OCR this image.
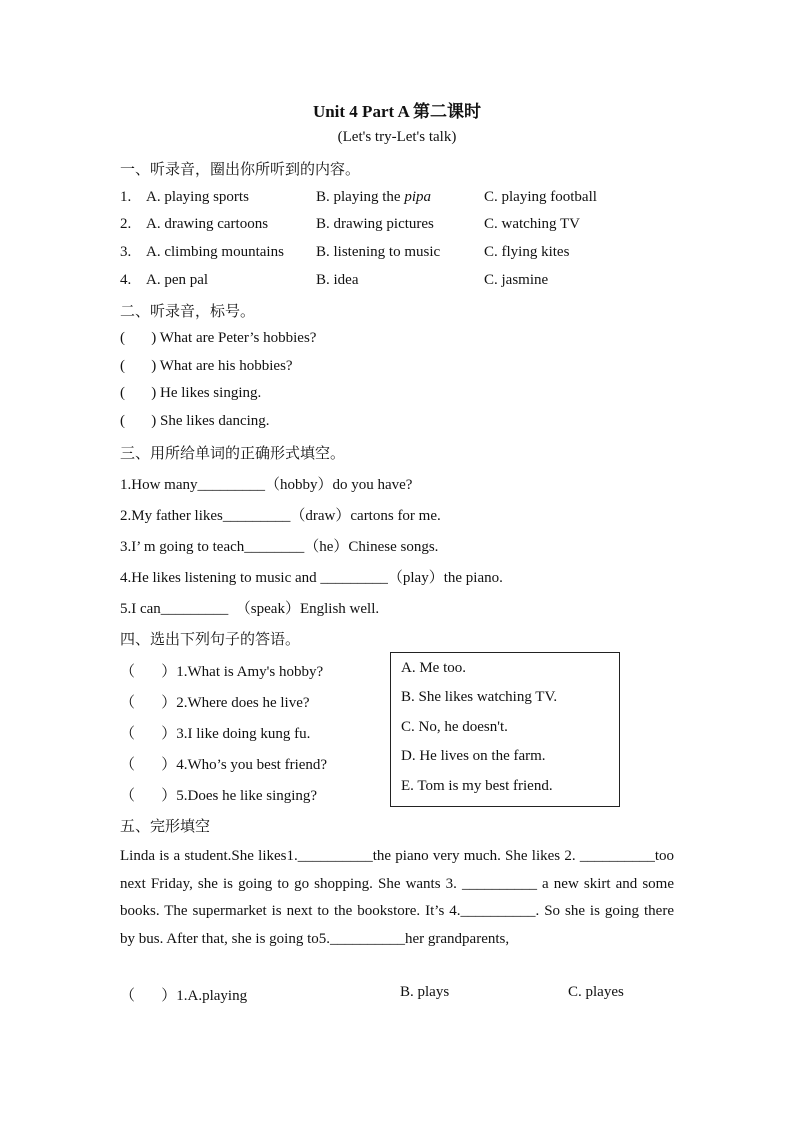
Unit 4 Part A 第二课时
(Let's try-Let's talk)
一、听录音，圈出你所听到的内容。
1. A. playing sports	B. playing the pipa	C. playing football
2. A. drawing cartoons	B. drawing pictures	C. watching TV
3. A. climbing mountains B. listening to music	C. flying kites
4. A. pen pal	B. idea	C. jasmine
二、听录音，标号。
(       ) What are Peter’s hobbies?
(       ) What are his hobbies?
(       ) He likes singing.
(       ) She likes dancing.
三、用所给单词的正确形式填空。
1.How many_________（hobby）do you have?
2.My father likes_________（draw）cartons for me.
3.I’ m going to teach________（he）Chinese songs.
4.He likes listening to music and _________（play）the piano.
5.I can_________  （speak）English well.
四、选出下列句子的答语。
（       ）1.What is Amy's hobby?
（       ）2.Where does he live?
（       ）3.I like doing kung fu.
（       ）4.Who’s you best friend?
（       ）5.Does he like singing?
A. Me too.
B. She likes watching TV.
C. No, he doesn't.
D. He lives on the farm.
E. Tom is my best friend.
五、完形填空
Linda is a student.She likes1.__________the piano very much. She likes 2. __________too next Friday, she is going to go shopping. She wants 3. __________ a new skirt and some books. The supermarket is next to the bookstore. It’s 4.__________. So she is going there by bus. After that, she is going to5.__________her grandparents,
（       ）1.A.playing	B. plays	C. playes
